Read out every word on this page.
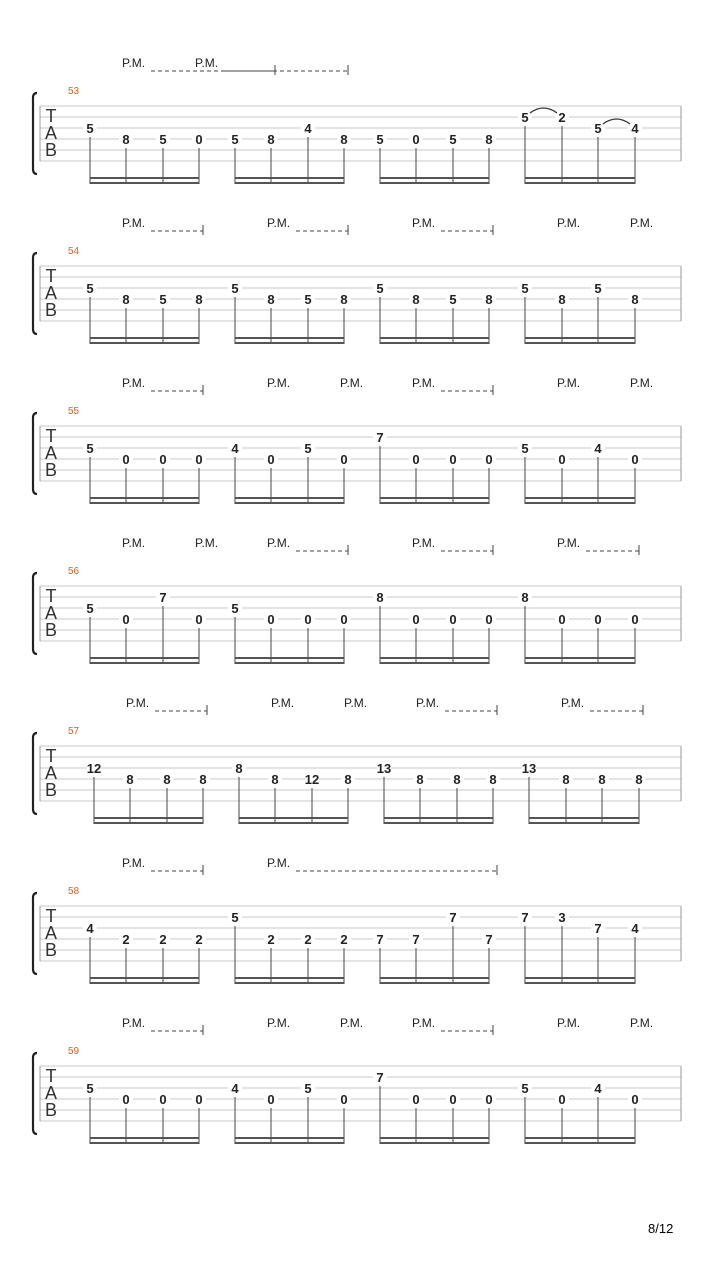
T
A
B
53
P.M.	P.M.
5
8 5 0 5 8
4
8 5 0 5 8
5 2
5 4
T
A
B
54
P.M.	P.M.	P.M.	P.M.	P.M.
5
8 5 8
5
8 5 8
5
8 5 8
5
8
5
8
T
A
B
55
P.M.	P.M.	P.M.	P.M.	P.M.	P.M.
5
0 0 0
4
0
5
0
7
0 0 0
5
0
4
0
T
A
B
56
P.M.	P.M.	P.M.	P.M.	P.M.
5
0
7
0
5
0 0 0
8
0 0 0
8
0 0 0
T
A
B
57
P.M.	P.M.	P.M.	P.M.	P.M.
12
8 8 8
8
8 12 8
13
8 8 8
13
8 8 8
T
A
B
58
P.M.	P.M.
4
2 2 2
5
2 2 2 7 7
7
7
7 3
7 4
T
A
B
59
P.M.	P.M.	P.M.	P.M.	P.M.	P.M.
5
0 0 0
4
0
5
0
7
0 0 0
5
0
4
0
8/12
